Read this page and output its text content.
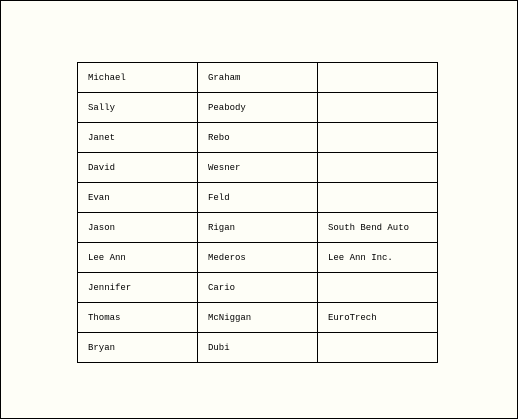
Michael	Graham	
Sally	Peabody	
Janet	Rebo	
David	Wesner	
Evan	Feld	
Jason	Rigan	South Bend Auto
Lee Ann	Mederos	Lee Ann Inc.
Jennifer	Cario	
Thomas	McNiggan	EuroTrech
Bryan	Dubi	
